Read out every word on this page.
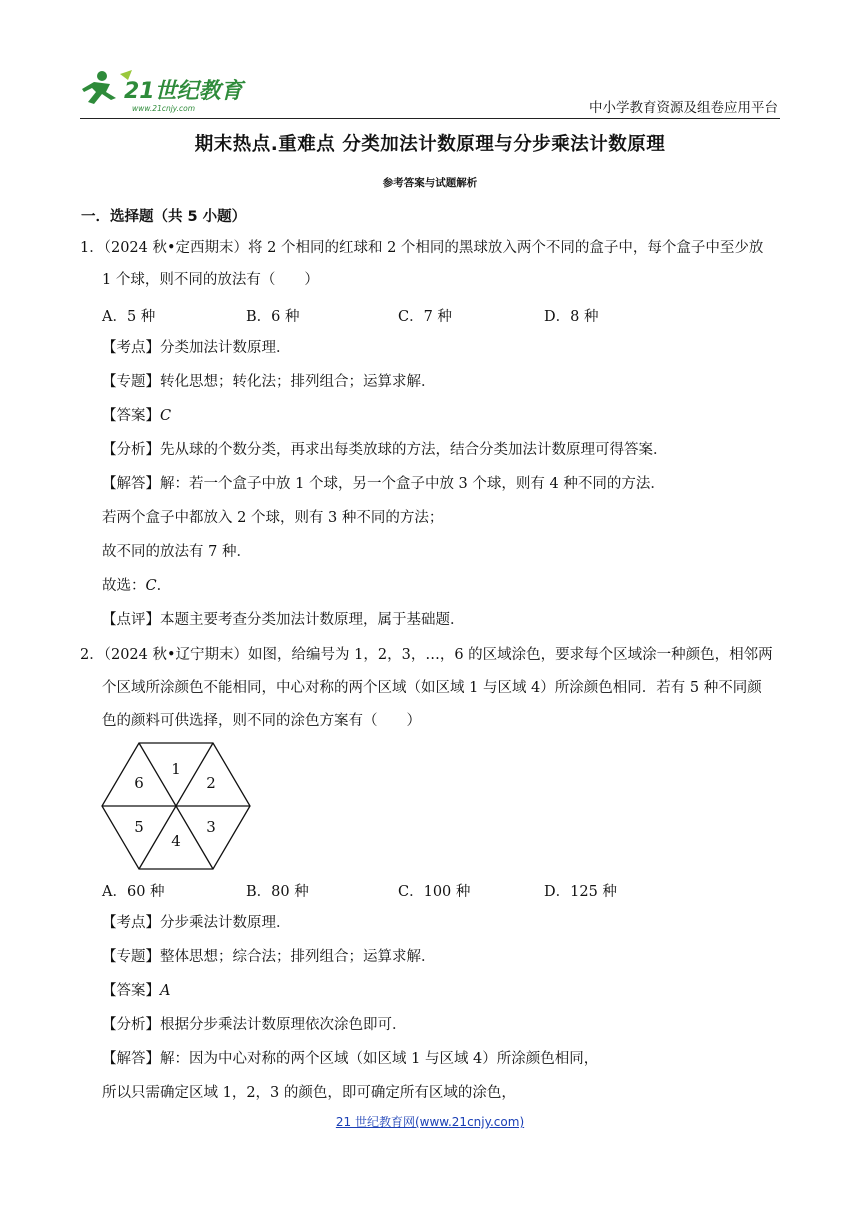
21世纪教育
www.21cnjy.com	中小学教育资源及组卷应用平台
期末热点.重难点 分类加法计数原理与分步乘法计数原理
参考答案与试题解析
一．选择题（共 5 小题）
1．（2024 秋•定西期末）将 2 个相同的红球和 2 个相同的黑球放入两个不同的盒子中，每个盒子中至少放
1 个球，则不同的放法有（　　）
A．5 种	B．6 种	C．7 种	D．8 种
【考点】分类加法计数原理．
【专题】转化思想；转化法；排列组合；运算求解．
【答案】C
【分析】先从球的个数分类，再求出每类放球的方法，结合分类加法计数原理可得答案．
【解答】解：若一个盒子中放 1 个球，另一个盒子中放 3 个球，则有 4 种不同的方法．
若两个盒子中都放入 2 个球，则有 3 种不同的方法；
故不同的放法有 7 种．
故选：C．
【点评】本题主要考查分类加法计数原理，属于基础题．
2．（2024 秋•辽宁期末）如图，给编号为 1，2，3，…，6 的区域涂色，要求每个区域涂一种颜色，相邻两
个区域所涂颜色不能相同，中心对称的两个区域（如区域 1 与区域 4）所涂颜色相同．若有 5 种不同颜
色的颜料可供选择，则不同的涂色方案有（　　）
1
2
3
4
5
6
A．60 种	B．80 种	C．100 种	D．125 种
【考点】分步乘法计数原理．
【专题】整体思想；综合法；排列组合；运算求解．
【答案】A
【分析】根据分步乘法计数原理依次涂色即可．
【解答】解：因为中心对称的两个区域（如区域 1 与区域 4）所涂颜色相同，
所以只需确定区域 1，2，3 的颜色，即可确定所有区域的涂色，
21 世纪教育网(www.21cnjy.com)
